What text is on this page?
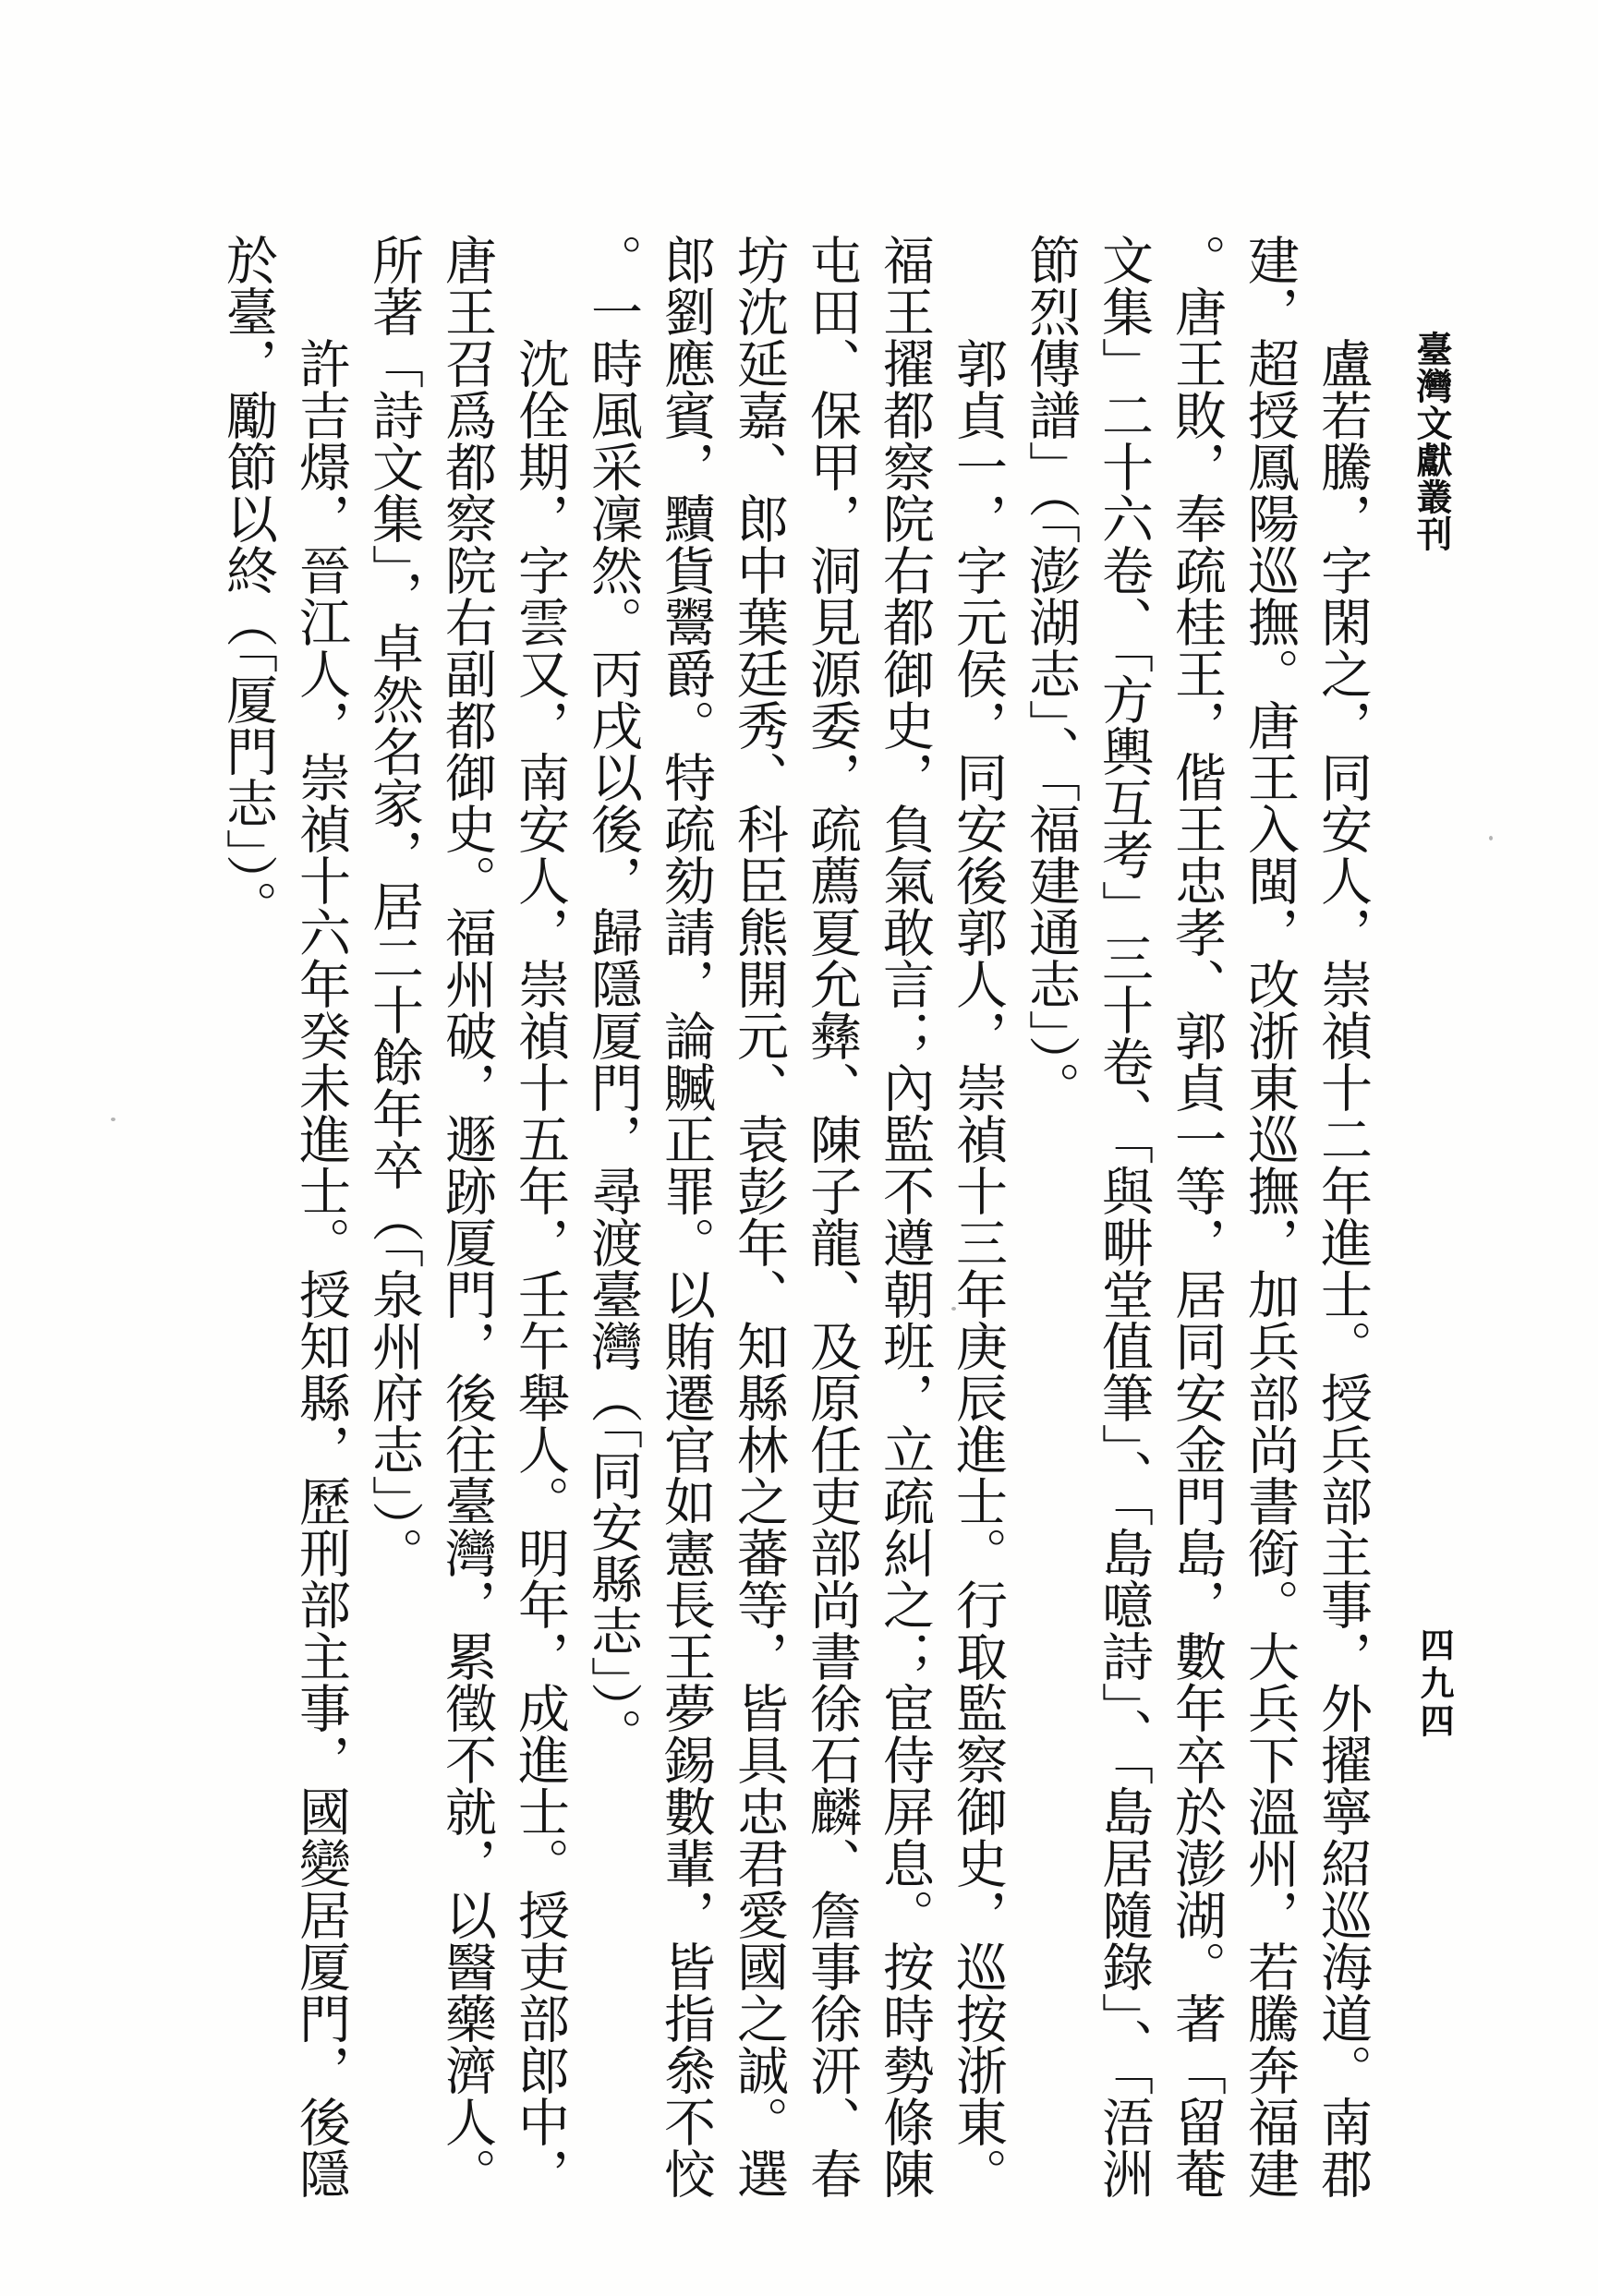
臺灣文獻叢刊
四九四

盧若騰，字閑之，同安人，崇禎十二年進士。授兵部主事，外擢寧紹巡海道。南郡建，超授鳳陽巡撫。唐王入閩，改浙東巡撫，加兵部尚書銜。大兵下溫州，若騰奔福建。唐王敗，奉疏桂王，偕王忠孝、郭貞一等，居同安金門島，數年卒於澎湖。著「留菴文集」二十六卷、「方輿互考」三十卷、「與畊堂值筆」、「島噫詩」、「島居隨錄」、「浯洲節烈傳譜」（「澎湖志」、「福建通志」）。

郭貞一，字元侯，同安後郭人，崇禎十三年庚辰進士。行取監察御史，巡按浙東。福王擢都察院右都御史，負氣敢言；內監不遵朝班，立疏糾之；宦侍屏息。按時勢條陳屯田、保甲，洞見源委，疏薦夏允彝、陳子龍、及原任吏部尚書徐石麟、詹事徐汧、春坊沈延嘉、郎中葉廷秀、科臣熊開元、袁彭年、知縣林之蕃等，皆具忠君愛國之誠。選郎劉應賓，黷貨鬻爵。特疏劾請，論贓正罪。以賄遷官如憲長王夢錫數輩，皆指叅不恔。一時風采凜然。丙戌以後，歸隱厦門，尋渡臺灣（「同安縣志」）。

沈佺期，字雲又，南安人，崇禎十五年，壬午舉人。明年，成進士。授吏部郎中，唐王召爲都察院右副都御史。福州破，遯跡厦門，後往臺灣，累徵不就，以醫藥濟人。所著「詩文集」，卓然名家，居二十餘年卒（「泉州府志」）。

許吉燝，晉江人，崇禎十六年癸未進士。授知縣，歷刑部主事，國變居厦門，後隱於臺，勵節以終（「厦門志」）。
